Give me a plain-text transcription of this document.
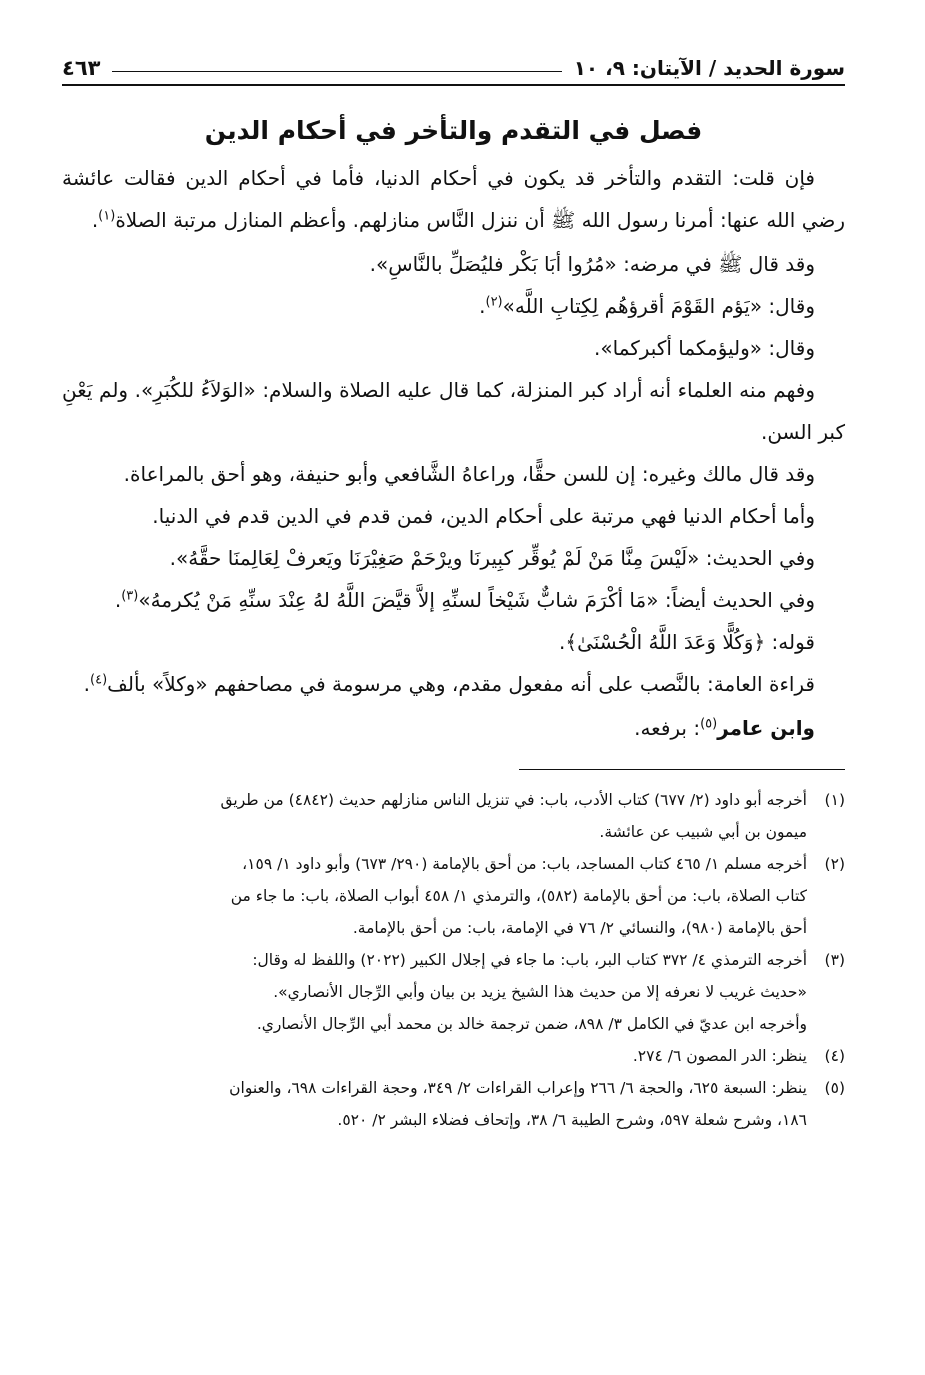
سورة الحديد / الآيتان: ٩، ١٠
٤٦٣
فصل في التقدم والتأخر في أحكام الدين

فإن قلت: التقدم والتأخر قد يكون في أحكام الدنيا، فأما في أحكام الدين فقالت عائشة رضي الله عنها: أمرنا رسول الله ﷺ أن ننزل النَّاس منازلهم. وأعظم المنازل مرتبة الصلاة$^{(١)}$.

وقد قال ﷺ في مرضه: «مُرُوا أبَا بَكْر فليُصَلِّ بالنَّاسِ».

وقال: «يَؤم القَوْمَ أقرؤهُم لِكِتابِ اللَّه»$^{(٢)}$.

وقال: «وليؤمكما أكبركما».

وفهم منه العلماء أنه أراد كبر المنزلة، كما قال عليه الصلاة والسلام: «الوَلاَءُ للكُبَرِ». ولم يَعْنِ كبر السن.

وقد قال مالك وغيره: إن للسن حقًّا، وراعاهُ الشَّافعي وأبو حنيفة، وهو أحق بالمراعاة.

وأما أحكام الدنيا فهي مرتبة على أحكام الدين، فمن قدم في الدين قدم في الدنيا.

وفي الحديث: «لَيْسَ مِنَّا مَنْ لَمْ يُوقِّر كبِيرنَا ويرْحَمْ صَغِيْرَنَا ويَعرفْ لِعَالِمنَا حقَّهُ».

وفي الحديث أيضاً: «مَا أكْرَمَ شابٌّ شَيْخاً لسنِّهِ إلاَّ قيَّضَ اللَّهُ لهُ عِنْدَ سنِّهِ مَنْ يُكرمهُ»$^{(٣)}$.

قوله: ﴿وَكُلًّا وَعَدَ اللَّهُ الْحُسْنَىٰ﴾.

قراءة العامة: بالنَّصب على أنه مفعول مقدم، وهي مرسومة في مصاحفهم «وكلاً» بألف$^{(٤)}$.

وابن عامر$^{(٥)}$: برفعه.

(١)
أخرجه أبو داود (٢/ ٦٧٧) كتاب الأدب، باب: في تنزيل الناس منازلهم حديث (٤٨٤٢) من طريق
ميمون بن أبي شبيب عن عائشة.
(٢)
أخرجه مسلم ١/ ٤٦٥ كتاب المساجد، باب: من أحق بالإمامة (٢٩٠/ ٦٧٣) وأبو داود ١/ ١٥٩،
كتاب الصلاة، باب: من أحق بالإمامة (٥٨٢)، والترمذي ١/ ٤٥٨ أبواب الصلاة، باب: ما جاء من
أحق بالإمامة (٩٨٠)، والنسائي ٢/ ٧٦ في الإمامة، باب: من أحق بالإمامة.
(٣)
أخرجه الترمذي ٤/ ٣٧٢ كتاب البر، باب: ما جاء في إجلال الكبير (٢٠٢٢) واللفظ له وقال:
«حديث غريب لا نعرفه إلا من حديث هذا الشيخ يزيد بن بيان وأبي الرِّجال الأنصاري».
وأخرجه ابن عديّ في الكامل ٣/ ٨٩٨، ضمن ترجمة خالد بن محمد أبي الرِّجال الأنصاري.
(٤)
ينظر: الدر المصون ٦/ ٢٧٤.
(٥)
ينظر: السبعة ٦٢٥، والحجة ٦/ ٢٦٦ وإعراب القراءات ٢/ ٣٤٩، وحجة القراءات ٦٩٨، والعنوان
١٨٦، وشرح شعلة ٥٩٧، وشرح الطيبة ٦/ ٣٨، وإتحاف فضلاء البشر ٢/ ٥٢٠.
